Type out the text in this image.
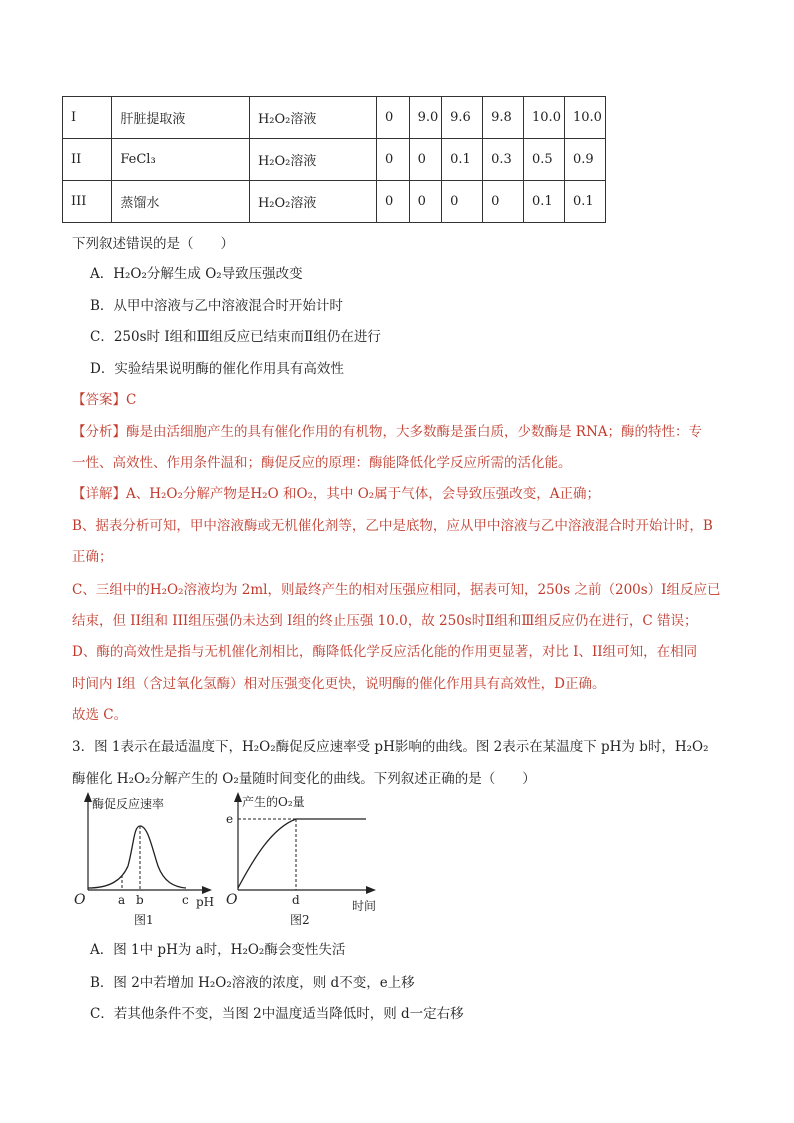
I	肝脏提取液	H₂O₂溶液	0	9.0	9.6	9.8	10.0	10.0
II	FeCl₃	H₂O₂溶液	0	0	0.1	0.3	0.5	0.9
III	蒸馏水	H₂O₂溶液	0	0	0	0	0.1	0.1
下列叙述错误的是（　　）
A．H₂O₂分解生成 O₂导致压强改变
B．从甲中溶液与乙中溶液混合时开始计时
C．250s时 I组和Ⅲ组反应已结束而Ⅱ组仍在进行
D．实验结果说明酶的催化作用具有高效性
【答案】C
【分析】酶是由活细胞产生的具有催化作用的有机物，大多数酶是蛋白质，少数酶是 RNA；酶的特性：专
一性、高效性、作用条件温和；酶促反应的原理：酶能降低化学反应所需的活化能。
【详解】A、H₂O₂分解产物是H₂O 和O₂，其中 O₂属于气体，会导致压强改变，A正确；
B、据表分析可知，甲中溶液酶或无机催化剂等，乙中是底物，应从甲中溶液与乙中溶液混合时开始计时，B
正确；
C、三组中的H₂O₂溶液均为 2ml，则最终产生的相对压强应相同，据表可知，250s 之前（200s）I组反应已
结束，但 II组和 III组压强仍未达到 I组的终止压强 10.0，故 250s时Ⅱ组和Ⅲ组反应仍在进行，C 错误；
D、酶的高效性是指与无机催化剂相比，酶降低化学反应活化能的作用更显著，对比 I、II组可知，在相同
时间内 I组（含过氧化氢酶）相对压强变化更快，说明酶的催化作用具有高效性，D正确。
故选 C。
3．图 1表示在最适温度下，H₂O₂酶促反应速率受 pH影响的曲线。图 2表示在某温度下 pH为 b时，H₂O₂
酶催化 H₂O₂分解产生的 O₂量随时间变化的曲线。下列叙述正确的是（　　）
酶促反应速率
O	a b	c pH
图1
产生的O₂量
e
O	d	时间
图2
A．图 1中 pH为 a时，H₂O₂酶会变性失活
B．图 2中若增加 H₂O₂溶液的浓度，则 d不变，e上移
C．若其他条件不变，当图 2中温度适当降低时，则 d一定右移
